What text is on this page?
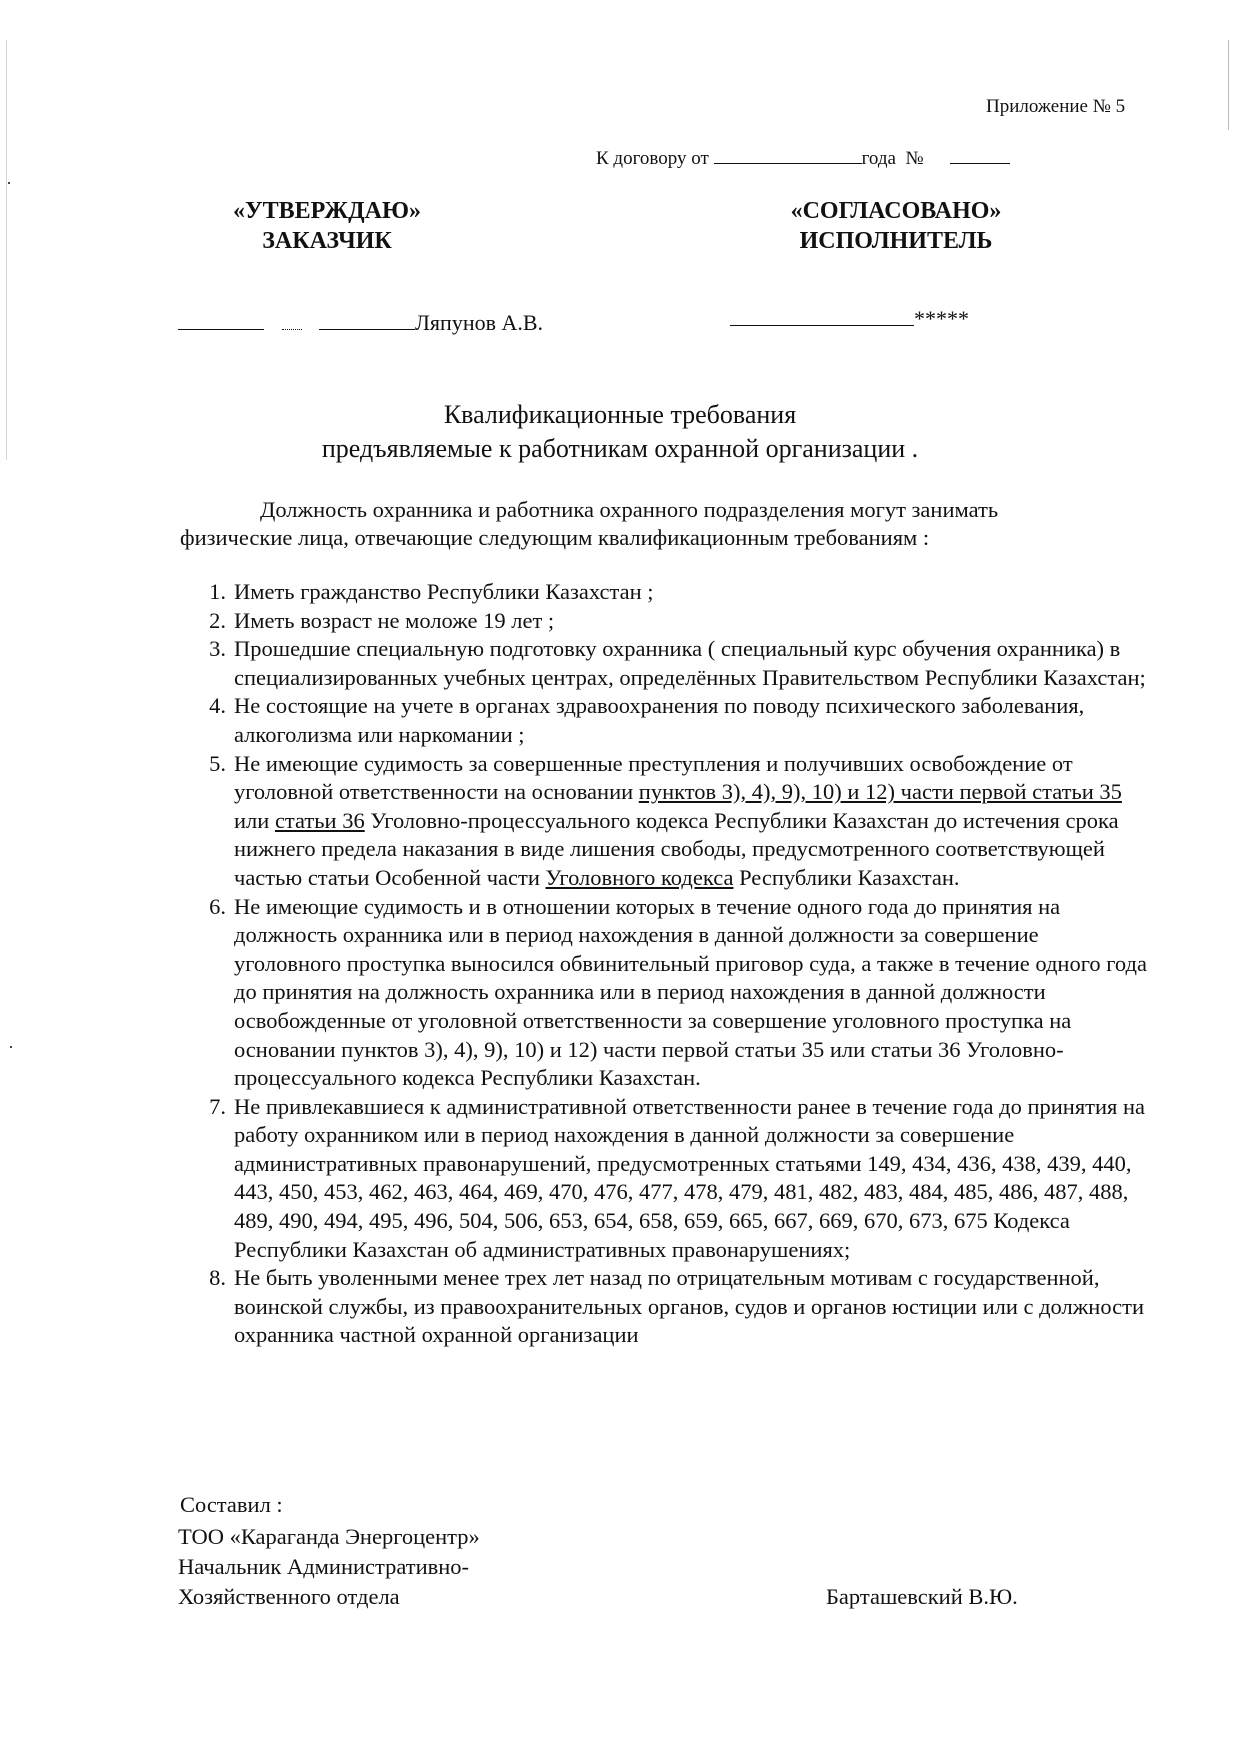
Приложение № 5
К договору от	года №
«УТВЕРЖДАЮ»
ЗАКАЗЧИК
«СОГЛАСОВАНО»
ИСПОЛНИТЕЛЬ
Ляпунов А.В.	*****
Квалификационные требования
предъявляемые к работникам охранной организации .
Должность охранника и работника охранного подразделения могут занимать
физические лица, отвечающие следующим квалификационным требованиям :
1. Иметь гражданство Республики Казахстан ;
2. Иметь возраст не моложе 19 лет ;
3. Прошедшие специальную подготовку охранника ( специальный курс обучения охранника) в специализированных учебных центрах, определённых Правительством Республики Казахстан;
4. Не состоящие на учете в органах здравоохранения по поводу психического заболевания, алкоголизма или наркомании ;
5. Не имеющие судимость за совершенные преступления и получивших освобождение от уголовной ответственности на основании пунктов 3), 4), 9), 10) и 12) части первой статьи 35 или статьи 36 Уголовно-процессуального кодекса Республики Казахстан до истечения срока нижнего предела наказания в виде лишения свободы, предусмотренного соответствующей частью статьи Особенной части Уголовного кодекса Республики Казахстан.
6. Не имеющие судимость и в отношении которых в течение одного года до принятия на должность охранника или в период нахождения в данной должности за совершение уголовного проступка выносился обвинительный приговор суда, а также в течение одного года до принятия на должность охранника или в период нахождения в данной должности освобожденные от уголовной ответственности за совершение уголовного проступка на основании пунктов 3), 4), 9), 10) и 12) части первой статьи 35 или статьи 36 Уголовно-процессуального кодекса Республики Казахстан.
7. Не привлекавшиеся к административной ответственности ранее в течение года до принятия на работу охранником или в период нахождения в данной должности за совершение административных правонарушений, предусмотренных статьями 149, 434, 436, 438, 439, 440, 443, 450, 453, 462, 463, 464, 469, 470, 476, 477, 478, 479, 481, 482, 483, 484, 485, 486, 487, 488, 489, 490, 494, 495, 496, 504, 506, 653, 654, 658, 659, 665, 667, 669, 670, 673, 675 Кодекса Республики Казахстан об административных правонарушениях;
8. Не быть уволенными менее трех лет назад по отрицательным мотивам с государственной, воинской службы, из правоохранительных органов, судов и органов юстиции или с должности охранника частной охранной организации
Составил :
ТОО «Караганда Энергоцентр»
Начальник Административно-
Хозяйственного отдела	Барташевский В.Ю.
